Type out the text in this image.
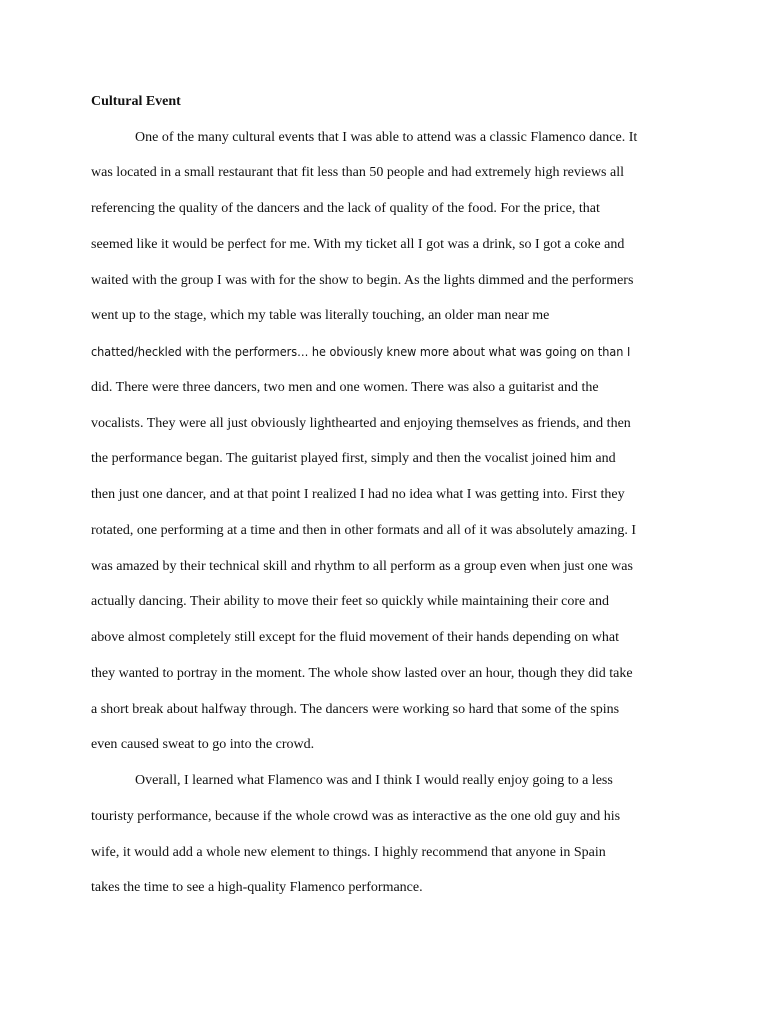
Cultural Event
One of the many cultural events that I was able to attend was a classic Flamenco dance. It
was located in a small restaurant that fit less than 50 people and had extremely high reviews all
referencing the quality of the dancers and the lack of quality of the food. For the price, that
seemed like it would be perfect for me. With my ticket all I got was a drink, so I got a coke and
waited with the group I was with for the show to begin. As the lights dimmed and the performers
went up to the stage, which my table was literally touching, an older man near me
chatted/heckled with the performers… he obviously knew more about what was going on than I
did. There were three dancers, two men and one women. There was also a guitarist and the
vocalists. They were all just obviously lighthearted and enjoying themselves as friends, and then
the performance began. The guitarist played first, simply and then the vocalist joined him and
then just one dancer, and at that point I realized I had no idea what I was getting into. First they
rotated, one performing at a time and then in other formats and all of it was absolutely amazing. I
was amazed by their technical skill and rhythm to all perform as a group even when just one was
actually dancing. Their ability to move their feet so quickly while maintaining their core and
above almost completely still except for the fluid movement of their hands depending on what
they wanted to portray in the moment. The whole show lasted over an hour, though they did take
a short break about halfway through. The dancers were working so hard that some of the spins
even caused sweat to go into the crowd.
Overall, I learned what Flamenco was and I think I would really enjoy going to a less
touristy performance, because if the whole crowd was as interactive as the one old guy and his
wife, it would add a whole new element to things. I highly recommend that anyone in Spain
takes the time to see a high-quality Flamenco performance.
